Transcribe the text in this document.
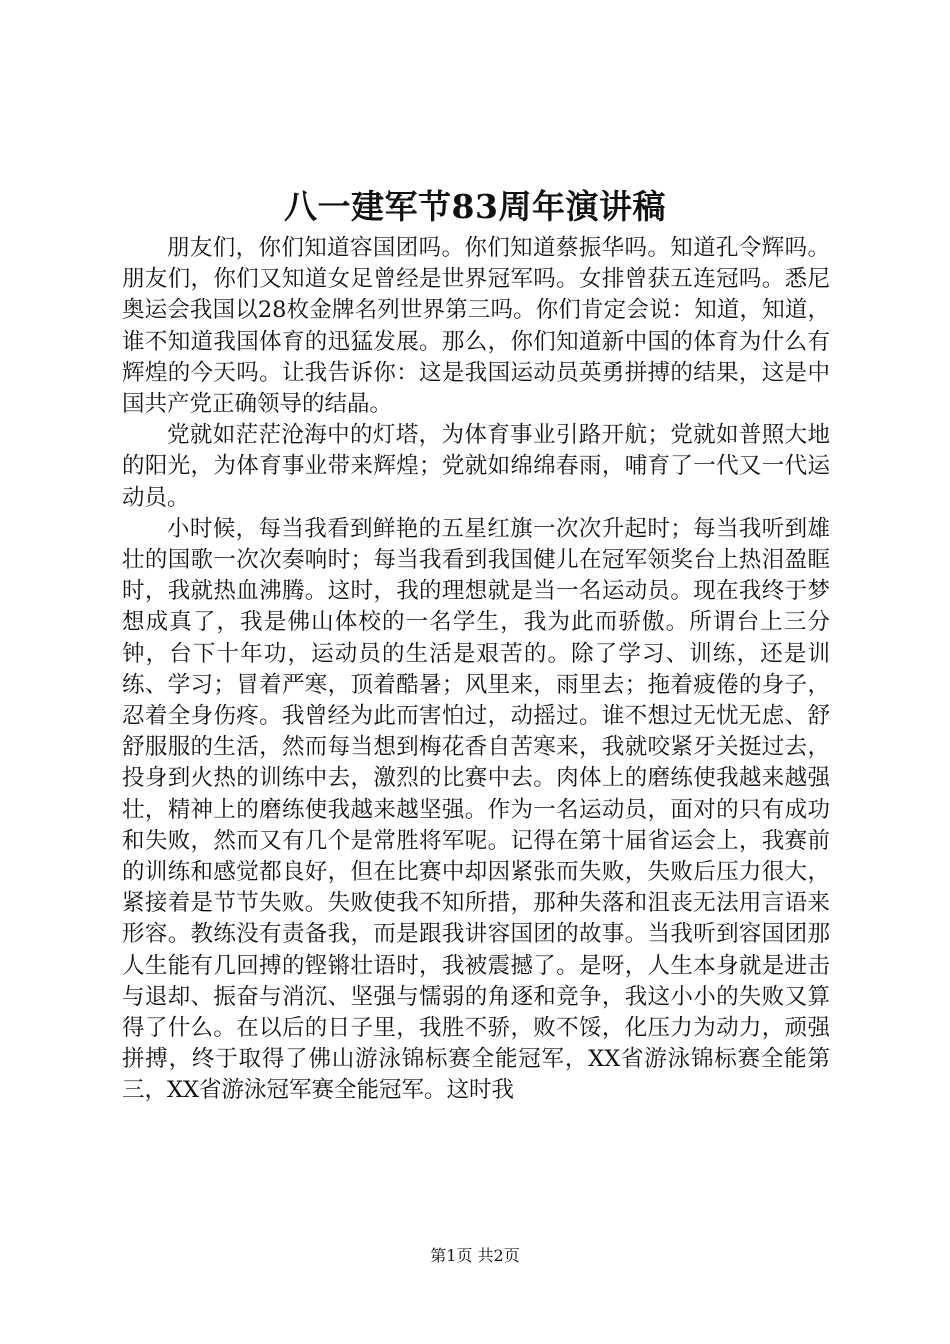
八一建军节83周年演讲稿

朋友们，你们知道容国团吗。你们知道蔡振华吗。知道孔令辉吗。朋友们，你们又知道女足曾经是世界冠军吗。女排曾获五连冠吗。悉尼奥运会我国以28枚金牌名列世界第三吗。你们肯定会说：知道，知道，谁不知道我国体育的迅猛发展。那么，你们知道新中国的体育为什么有辉煌的今天吗。让我告诉你：这是我国运动员英勇拼搏的结果，这是中国共产党正确领导的结晶。

党就如茫茫沧海中的灯塔，为体育事业引路开航；党就如普照大地的阳光，为体育事业带来辉煌；党就如绵绵春雨，哺育了一代又一代运动员。

小时候，每当我看到鲜艳的五星红旗一次次升起时；每当我听到雄壮的国歌一次次奏响时；每当我看到我国健儿在冠军领奖台上热泪盈眶时，我就热血沸腾。这时，我的理想就是当一名运动员。现在我终于梦想成真了，我是佛山体校的一名学生，我为此而骄傲。所谓台上三分钟，台下十年功，运动员的生活是艰苦的。除了学习、训练，还是训练、学习；冒着严寒，顶着酷暑；风里来，雨里去；拖着疲倦的身子，忍着全身伤疼。我曾经为此而害怕过，动摇过。谁不想过无忧无虑、舒舒服服的生活，然而每当想到梅花香自苦寒来，我就咬紧牙关挺过去，投身到火热的训练中去，激烈的比赛中去。肉体上的磨练使我越来越强壮，精神上的磨练使我越来越坚强。作为一名运动员，面对的只有成功和失败，然而又有几个是常胜将军呢。记得在第十届省运会上，我赛前的训练和感觉都良好，但在比赛中却因紧张而失败，失败后压力很大，紧接着是节节失败。失败使我不知所措，那种失落和沮丧无法用言语来形容。教练没有责备我，而是跟我讲容国团的故事。当我听到容国团那人生能有几回搏的铿锵壮语时，我被震撼了。是呀，人生本身就是进击与退却、振奋与消沉、坚强与懦弱的角逐和竞争，我这小小的失败又算得了什么。在以后的日子里，我胜不骄，败不馁，化压力为动力，顽强拼搏，终于取得了佛山游泳锦标赛全能冠军，XX省游泳锦标赛全能第三，XX省游泳冠军赛全能冠军。这时我

第1页 共2页
